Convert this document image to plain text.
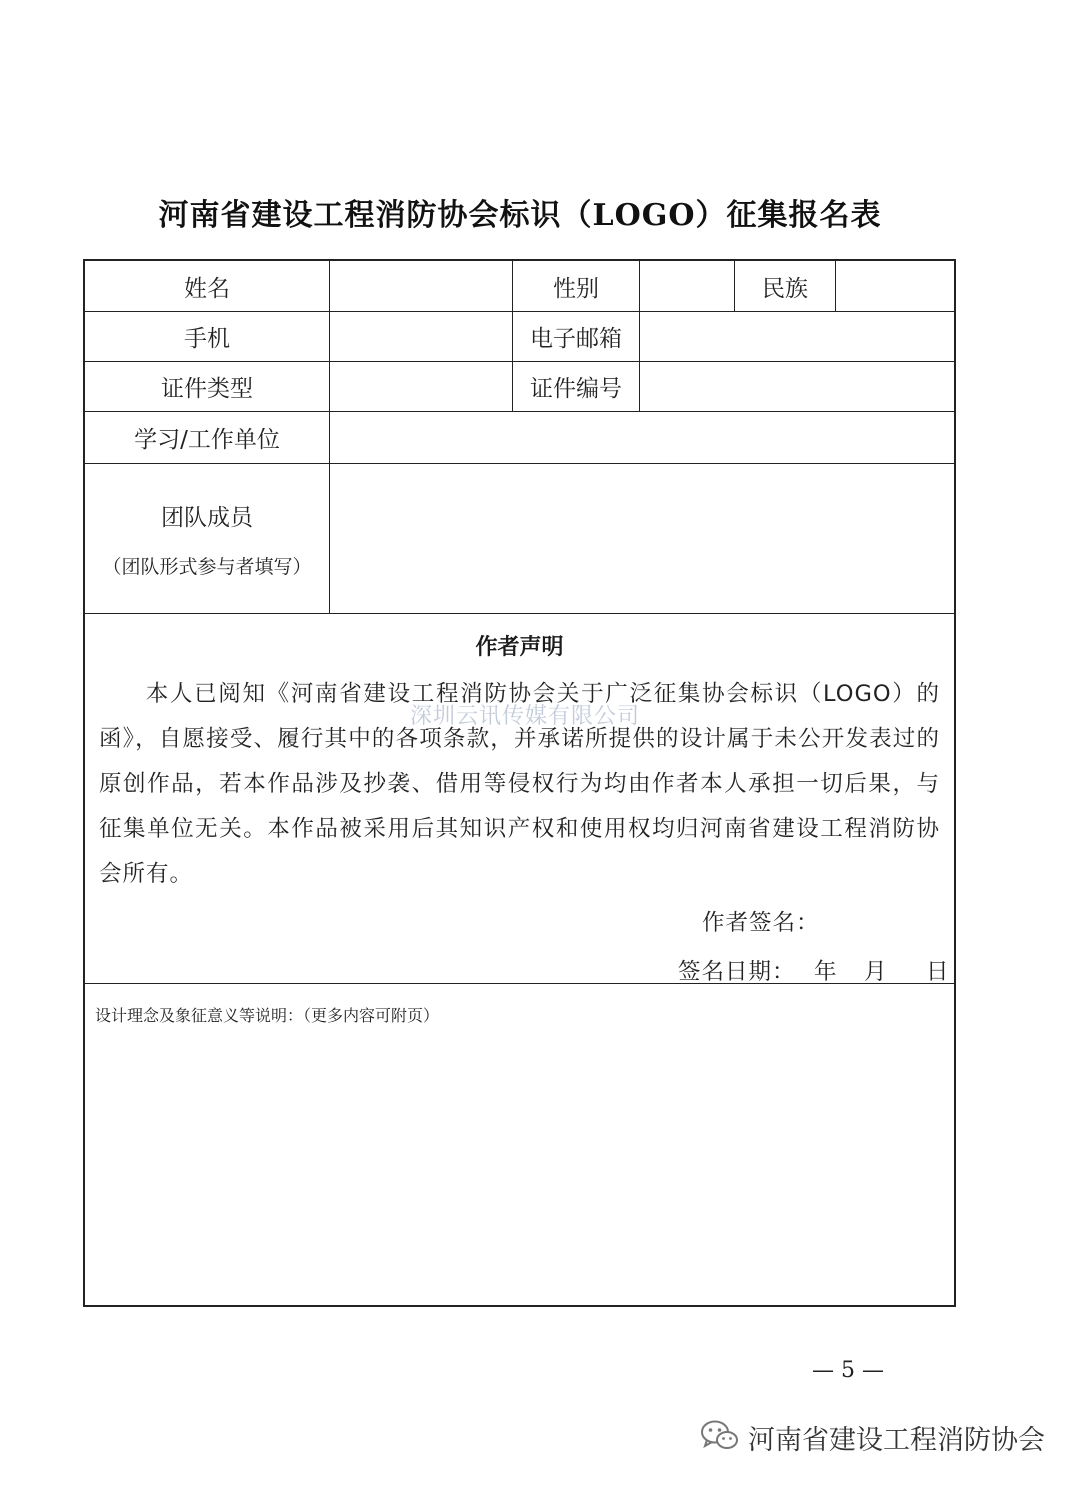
河南省建设工程消防协会标识（LOGO）征集报名表
姓名	性别	民族
手机	电子邮箱
证件类型	证件编号
学习/工作单位
团队成员
（团队形式参与者填写）
作者声明
本人已阅知《河南省建设工程消防协会关于广泛征集协会标识（LOGO）的函》，自愿接受、履行其中的各项条款，并承诺所提供的设计属于未公开发表过的原创作品，若本作品涉及抄袭、借用等侵权行为均由作者本人承担一切后果，与征集单位无关。本作品被采用后其知识产权和使用权均归河南省建设工程消防协会所有。
深圳云讯传媒有限公司
作者签名：
签名日期： 年 月 日
设计理念及象征意义等说明：（更多内容可附页）
— 5 —
河南省建设工程消防协会
